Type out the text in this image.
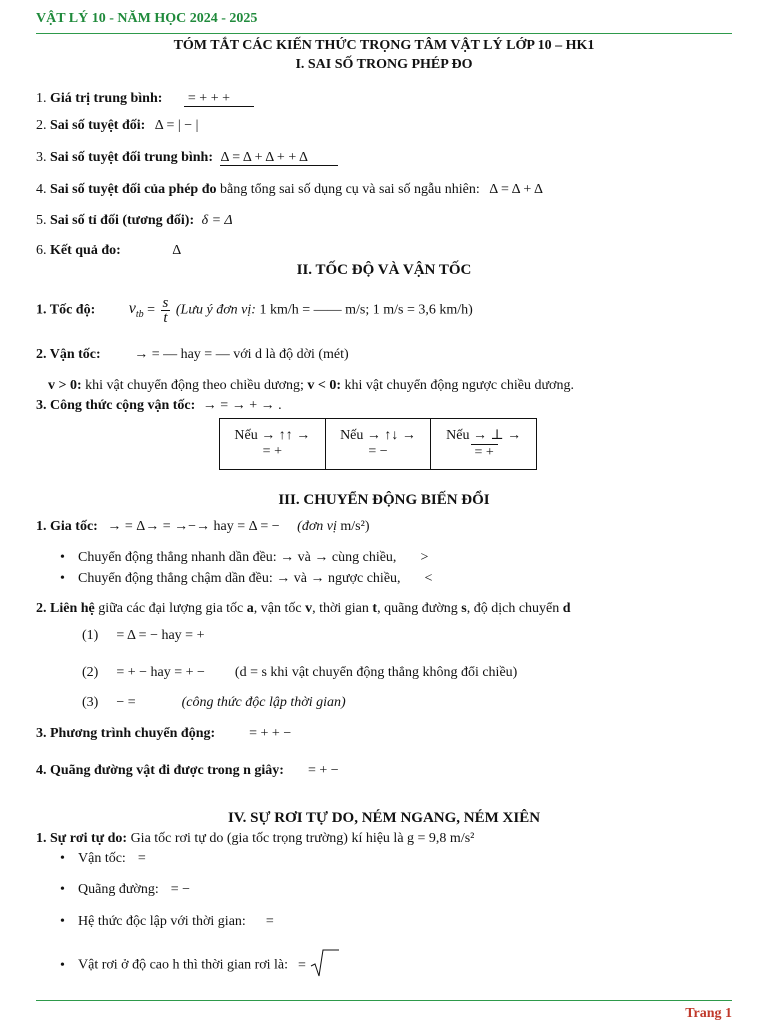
VẬT LÝ 10 - NĂM HỌC 2024 - 2025
TÓM TẮT CÁC KIẾN THỨC TRỌNG TÂM VẬT LÝ LỚP 10 – HK1
I. SAI SỐ TRONG PHÉP ĐO
1. Giá trị trung bình: = + + +
2. Sai số tuyệt đối: Δ = | − |
3. Sai số tuyệt đối trung bình: Δ = Δ + Δ + + Δ
4. Sai số tuyệt đối của phép đo bằng tổng sai số dụng cụ và sai số ngẫu nhiên: Δ = Δ + Δ
5. Sai số tỉ đối (tương đối): δ = Δ
6. Kết quả đo:	Δ
II. TỐC ĐỘ VÀ VẬN TỐC
1. Tốc độ: $v_{tb} = \frac{s}{t}$ (Lưu ý đơn vị: 1 km/h = —— m/s; 1 m/s = 3,6 km/h)
2. Vận tốc: → = — hay = — với d là độ dời (mét)
v > 0: khi vật chuyển động theo chiều dương; v < 0: khi vật chuyển động ngược chiều dương.
3. Công thức cộng vận tốc: → = → + → .
Nếu → ↑↑ →
= +

Nếu → ↑↓ →
= −

Nếu → ⊥ →
= +
III. CHUYỂN ĐỘNG BIẾN ĐỔI
1. Gia tốc: → = Δ→ = →−→ hay = Δ = − (đơn vị m/s²)
• Chuyển động thẳng nhanh dần đều: → và → cùng chiều, >
• Chuyển động thẳng chậm dần đều: → và → ngược chiều, <
2. Liên hệ giữa các đại lượng gia tốc a, vận tốc v, thời gian t, quãng đường s, độ dịch chuyển d
(1) = Δ = − hay = +
(2) = + − hay = + − (d = s khi vật chuyển động thẳng không đổi chiều)
(3) − =	(công thức độc lập thời gian)
3. Phương trình chuyển động: = + + −
4. Quãng đường vật đi được trong n giây: = + −
IV. SỰ RƠI TỰ DO, NÉM NGANG, NÉM XIÊN
1. Sự rơi tự do: Gia tốc rơi tự do (gia tốc trọng trường) kí hiệu là g = 9,8 m/s²
• Vận tốc: =
• Quãng đường: = −
• Hệ thức độc lập với thời gian: =
• Vật rơi ở độ cao h thì thời gian rơi là: =
Trang 1
